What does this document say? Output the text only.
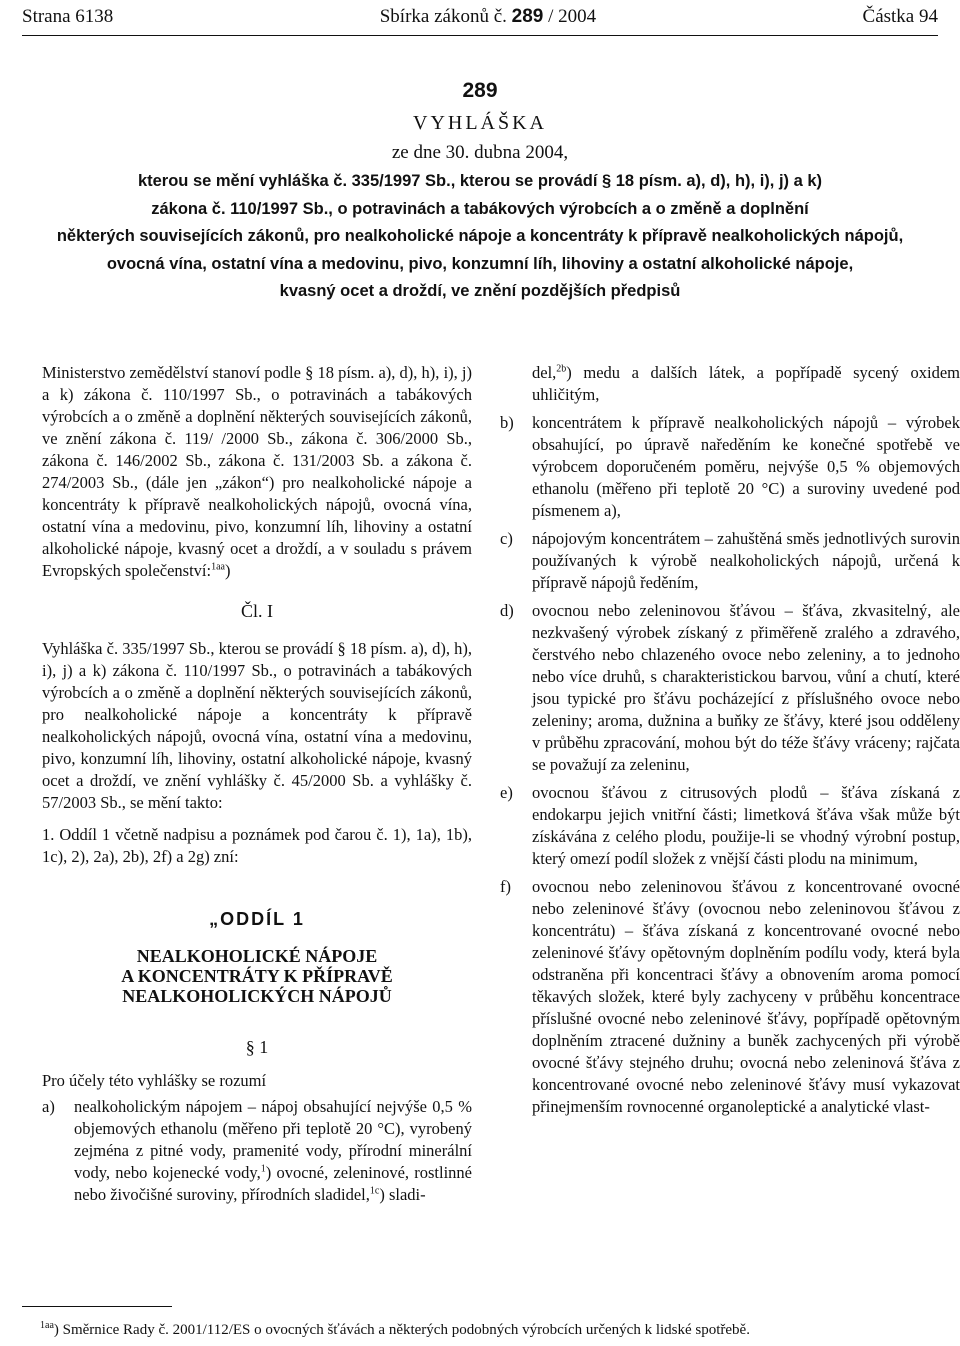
Strana 6138	Sbírka zákonů č. 289 / 2004	Částka 94
289
VYHLÁŠKA
ze dne 30. dubna 2004,
kterou se mění vyhláška č. 335/1997 Sb., kterou se provádí § 18 písm. a), d), h), i), j) a k)
zákona č. 110/1997 Sb., o potravinách a tabákových výrobcích a o změně a doplnění
některých souvisejících zákonů, pro nealkoholické nápoje a koncentráty k přípravě nealkoholických nápojů,
ovocná vína, ostatní vína a medovinu, pivo, konzumní líh, lihoviny a ostatní alkoholické nápoje,
kvasný ocet a droždí, ve znění pozdějších předpisů

Ministerstvo zemědělství stanoví podle § 18 písm. a), d), h), i), j) a k) zákona č. 110/1997 Sb., o potravinách a tabákových výrobcích a o změně a doplnění některých souvisejících zákonů, ve znění zákona č. 119/ /2000 Sb., zákona č. 306/2000 Sb., zákona č. 146/2002 Sb., zákona č. 131/2003 Sb. a zákona č. 274/2003 Sb., (dále jen „zákon“) pro nealkoholické nápoje a koncentráty k přípravě nealkoholických nápojů, ovocná vína, ostatní vína a medovinu, pivo, konzumní líh, lihoviny a ostatní alkoholické nápoje, kvasný ocet a droždí, a v souladu s právem Evropských společenství:$^{1aa}$)

Čl. I

Vyhláška č. 335/1997 Sb., kterou se provádí § 18 písm. a), d), h), i), j) a k) zákona č. 110/1997 Sb., o potravinách a tabákových výrobcích a o změně a doplnění některých souvisejících zákonů, pro nealkoholické nápoje a koncentráty k přípravě nealkoholických nápojů, ovocná vína, ostatní vína a medovinu, pivo, konzumní líh, lihoviny, ostatní alkoholické nápoje, kvasný ocet a droždí, ve znění vyhlášky č. 45/2000 Sb. a vyhlášky č. 57/2003 Sb., se mění takto:

1. Oddíl 1 včetně nadpisu a poznámek pod čarou č. 1), 1a), 1b), 1c), 2), 2a), 2b), 2f) a 2g) zní:

„ODDÍL 1
NEALKOHOLICKÉ NÁPOJE
A KONCENTRÁTY K PŘÍPRAVĚ
NEALKOHOLICKÝCH NÁPOJŮ
§ 1

Pro účely této vyhlášky se rozumí

a)	nealkoholickým nápojem – nápoj obsahující nejvýše 0,5 % objemových ethanolu (měřeno při teplotě 20 °C), vyrobený zejména z pitné vody, pramenité vody, přírodní minerální vody, nebo kojenecké vody,$^1$) ovocné, zeleninové, rostlinné nebo živočišné suroviny, přírodních sladidel,$^{1c}$) sladi-
del,$^{2b}$) medu a dalších látek, a popřípadě sycený oxidem uhličitým,
b)	koncentrátem k přípravě nealkoholických nápojů – výrobek obsahující, po úpravě naředěním ke konečné spotřebě ve výrobcem doporučeném poměru, nejvýše 0,5 % objemových ethanolu (měřeno při teplotě 20 °C) a suroviny uvedené pod písmenem a),
c)	nápojovým koncentrátem – zahuštěná směs jednotlivých surovin používaných k výrobě nealkoholických nápojů, určená k přípravě nápojů ředěním,
d)	ovocnou nebo zeleninovou šťávou – šťáva, zkvasitelný, ale nezkvašený výrobek získaný z přiměřeně zralého a zdravého, čerstvého nebo chlazeného ovoce nebo zeleniny, a to jednoho nebo více druhů, s charakteristickou barvou, vůní a chutí, které jsou typické pro šťávu pocházející z příslušného ovoce nebo zeleniny; aroma, dužnina a buňky ze šťávy, které jsou odděleny v průběhu zpracování, mohou být do téže šťávy vráceny; rajčata se považují za zeleninu,
e)	ovocnou šťávou z citrusových plodů – šťáva získaná z endokarpu jejich vnitřní části; limetková šťáva však může být získávána z celého plodu, použije-li se vhodný výrobní postup, který omezí podíl složek z vnější části plodu na minimum,
f)	ovocnou nebo zeleninovou šťávou z koncentrované ovocné nebo zeleninové šťávy (ovocnou nebo zeleninovou šťávou z koncentrátu) – šťáva získaná z koncentrované ovocné nebo zeleninové šťávy opětovným doplněním podílu vody, která byla odstraněna při koncentraci šťávy a obnovením aroma pomocí těkavých složek, které byly zachyceny v průběhu koncentrace příslušné ovocné nebo zeleninové šťávy, popřípadě opětovným doplněním ztracené dužniny a buněk zachycených při výrobě ovocné šťávy stejného druhu; ovocná nebo zeleninová šťáva z koncentrované ovocné nebo zeleninové šťávy musí vykazovat přinejmenším rovnocenné organoleptické a analytické vlast-
$^{1aa}$) Směrnice Rady č. 2001/112/ES o ovocných šťávách a některých podobných výrobcích určených k lidské spotřebě.
